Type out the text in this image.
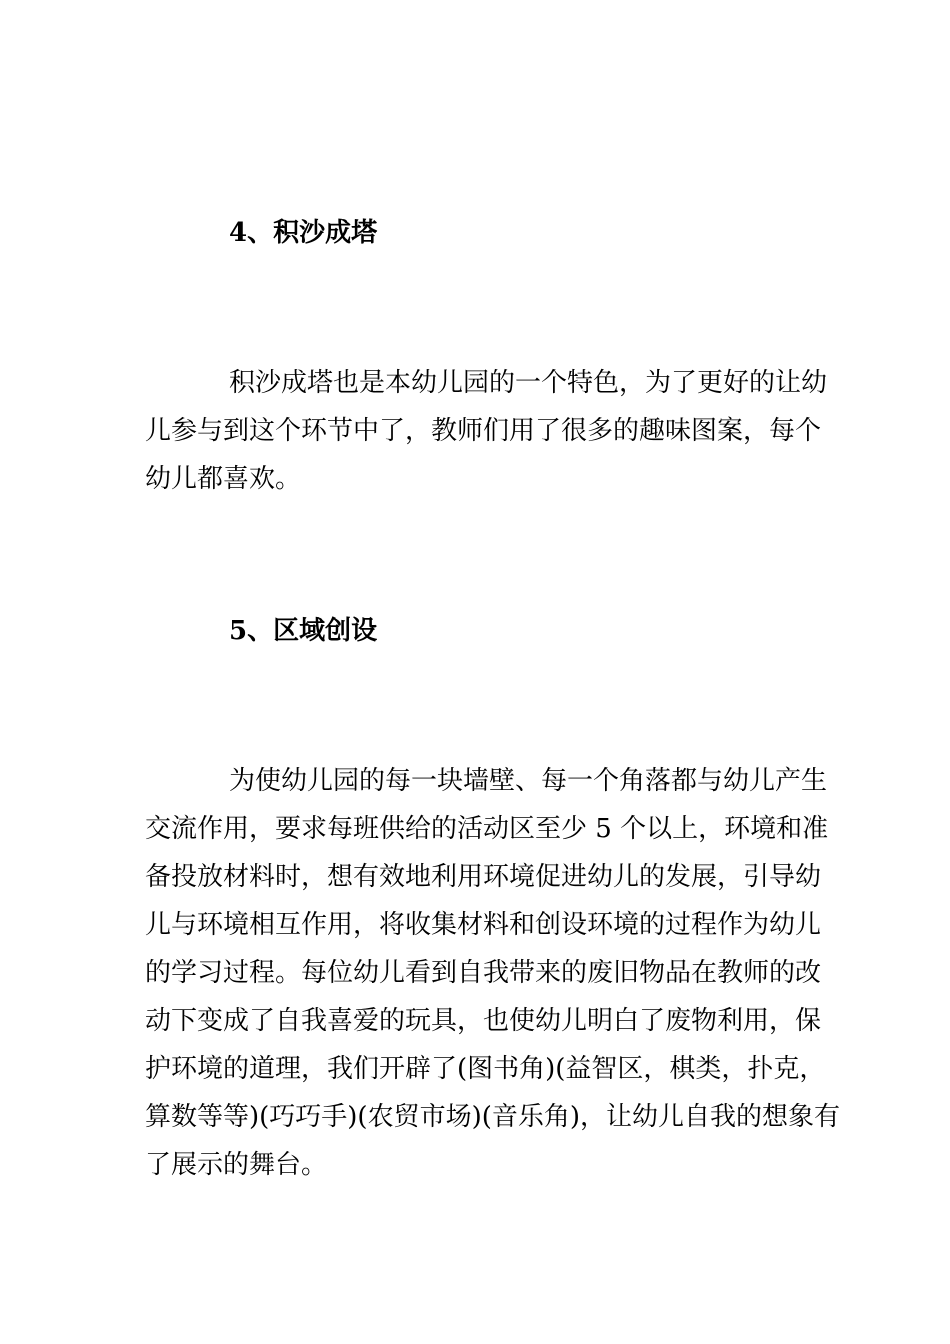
4、积沙成塔

积沙成塔也是本幼儿园的一个特色，为了更好的让幼
儿参与到这个环节中了，教师们用了很多的趣味图案，每个
幼儿都喜欢。

5、区域创设

为使幼儿园的每一块墙壁、每一个角落都与幼儿产生
交流作用，要求每班供给的活动区至少 5 个以上，环境和准
备投放材料时，想有效地利用环境促进幼儿的发展，引导幼
儿与环境相互作用，将收集材料和创设环境的过程作为幼儿
的学习过程。每位幼儿看到自我带来的废旧物品在教师的改
动下变成了自我喜爱的玩具，也使幼儿明白了废物利用，保
护环境的道理，我们开辟了(图书角)(益智区，棋类，扑克，
算数等等)(巧巧手)(农贸市场)(音乐角)，让幼儿自我的想象有
了展示的舞台。
